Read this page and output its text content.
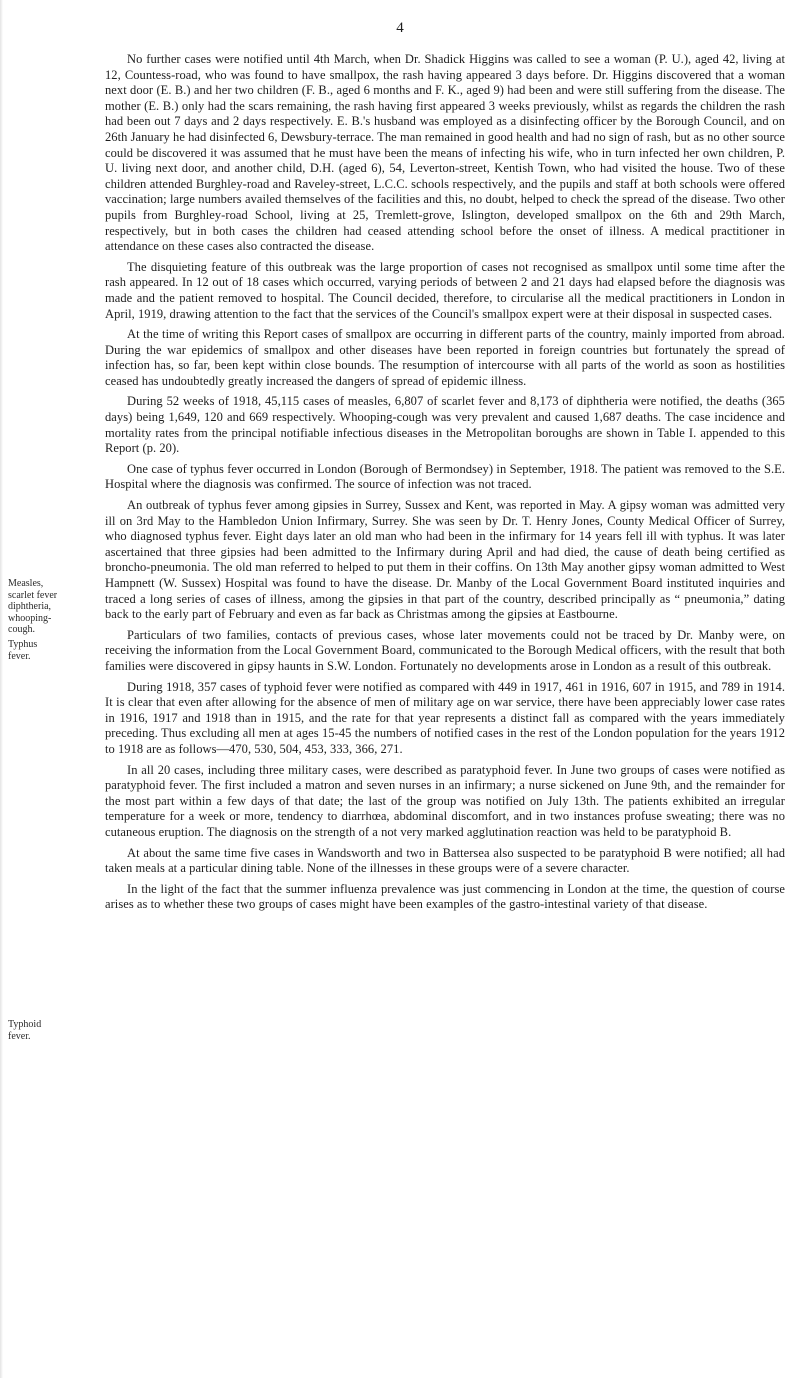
4
Measles,
scarlet fever
diphtheria,
whooping-
cough.
Typhus
fever.
Typhoid
fever.

No further cases were notified until 4th March, when Dr. Shadick Higgins was called to see a woman (P. U.), aged 42, living at 12, Countess-road, who was found to have smallpox, the rash having appeared 3 days before. Dr. Higgins discovered that a woman next door (E. B.) and her two children (F. B., aged 6 months and F. K., aged 9) had been and were still suffering from the disease. The mother (E. B.) only had the scars remaining, the rash having first appeared 3 weeks previously, whilst as regards the children the rash had been out 7 days and 2 days respectively. E. B.'s husband was employed as a disinfecting officer by the Borough Council, and on 26th January he had disinfected 6, Dewsbury-terrace. The man remained in good health and had no sign of rash, but as no other source could be discovered it was assumed that he must have been the means of infecting his wife, who in turn infected her own children, P. U. living next door, and another child, D.H. (aged 6), 54, Leverton-street, Kentish Town, who had visited the house. Two of these children attended Burghley-road and Raveley-street, L.C.C. schools respectively, and the pupils and staff at both schools were offered vaccination; large numbers availed themselves of the facilities and this, no doubt, helped to check the spread of the disease. Two other pupils from Burghley-road School, living at 25, Tremlett-grove, Islington, developed smallpox on the 6th and 29th March, respectively, but in both cases the children had ceased attending school before the onset of illness. A medical practitioner in attendance on these cases also contracted the disease.

The disquieting feature of this outbreak was the large proportion of cases not recognised as smallpox until some time after the rash appeared. In 12 out of 18 cases which occurred, varying periods of between 2 and 21 days had elapsed before the diagnosis was made and the patient removed to hospital. The Council decided, therefore, to circularise all the medical practitioners in London in April, 1919, drawing attention to the fact that the services of the Council's smallpox expert were at their disposal in suspected cases.

At the time of writing this Report cases of smallpox are occurring in different parts of the country, mainly imported from abroad. During the war epidemics of smallpox and other diseases have been reported in foreign countries but fortunately the spread of infection has, so far, been kept within close bounds. The resumption of intercourse with all parts of the world as soon as hostilities ceased has undoubtedly greatly increased the dangers of spread of epidemic illness.

During 52 weeks of 1918, 45,115 cases of measles, 6,807 of scarlet fever and 8,173 of diphtheria were notified, the deaths (365 days) being 1,649, 120 and 669 respectively. Whooping-cough was very prevalent and caused 1,687 deaths. The case incidence and mortality rates from the principal notifiable infectious diseases in the Metropolitan boroughs are shown in Table I. appended to this Report (p. 20).

One case of typhus fever occurred in London (Borough of Bermondsey) in September, 1918. The patient was removed to the S.E. Hospital where the diagnosis was confirmed. The source of infection was not traced.

An outbreak of typhus fever among gipsies in Surrey, Sussex and Kent, was reported in May. A gipsy woman was admitted very ill on 3rd May to the Hambledon Union Infirmary, Surrey. She was seen by Dr. T. Henry Jones, County Medical Officer of Surrey, who diagnosed typhus fever. Eight days later an old man who had been in the infirmary for 14 years fell ill with typhus. It was later ascertained that three gipsies had been admitted to the Infirmary during April and had died, the cause of death being certified as broncho-pneumonia. The old man referred to helped to put them in their coffins. On 13th May another gipsy woman admitted to West Hampnett (W. Sussex) Hospital was found to have the disease. Dr. Manby of the Local Government Board instituted inquiries and traced a long series of cases of illness, among the gipsies in that part of the country, described principally as “ pneumonia,” dating back to the early part of February and even as far back as Christmas among the gipsies at Eastbourne.

Particulars of two families, contacts of previous cases, whose later movements could not be traced by Dr. Manby were, on receiving the information from the Local Government Board, communicated to the Borough Medical officers, with the result that both families were discovered in gipsy haunts in S.W. London. Fortunately no developments arose in London as a result of this outbreak.

During 1918, 357 cases of typhoid fever were notified as compared with 449 in 1917, 461 in 1916, 607 in 1915, and 789 in 1914. It is clear that even after allowing for the absence of men of military age on war service, there have been appreciably lower case rates in 1916, 1917 and 1918 than in 1915, and the rate for that year represents a distinct fall as compared with the years immediately preceding. Thus excluding all men at ages 15-45 the numbers of notified cases in the rest of the London population for the years 1912 to 1918 are as follows—470, 530, 504, 453, 333, 366, 271.

In all 20 cases, including three military cases, were described as paratyphoid fever. In June two groups of cases were notified as paratyphoid fever. The first included a matron and seven nurses in an infirmary; a nurse sickened on June 9th, and the remainder for the most part within a few days of that date; the last of the group was notified on July 13th. The patients exhibited an irregular temperature for a week or more, tendency to diarrhœa, abdominal discomfort, and in two instances profuse sweating; there was no cutaneous eruption. The diagnosis on the strength of a not very marked agglutination reaction was held to be paratyphoid B.

At about the same time five cases in Wandsworth and two in Battersea also suspected to be paratyphoid B were notified; all had taken meals at a particular dining table. None of the illnesses in these groups were of a severe character.

In the light of the fact that the summer influenza prevalence was just commencing in London at the time, the question of course arises as to whether these two groups of cases might have been examples of the gastro-intestinal variety of that disease.
